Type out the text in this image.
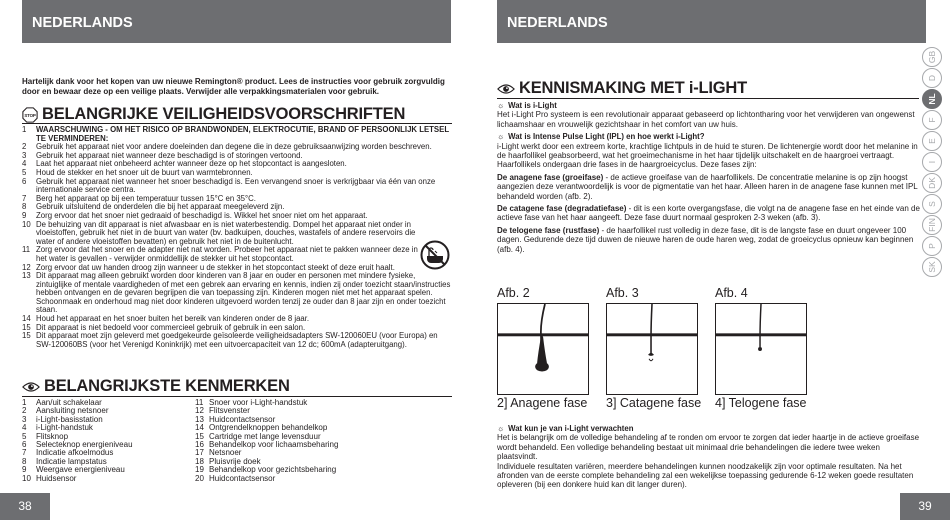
NEDERLANDS
Hartelijk dank voor het kopen van uw nieuwe Remington® product. Lees de instructies voor gebruik zorgvuldig door en bewaar deze op een veilige plaats. Verwijder alle verpakkingsmaterialen voor gebruik.
STOP BELANGRIJKE VEILIGHEIDSVOORSCHRIFTEN
1	WAARSCHUWING - OM HET RISICO OP BRANDWONDEN, ELEKTROCUTIE, BRAND OF PERSOONLIJK LETSEL TE VERMINDEREN:
2	Gebruik het apparaat niet voor andere doeleinden dan degene die in deze gebruiksaanwijzing worden beschreven.
3	Gebruik het apparaat niet wanneer deze beschadigd is of storingen vertoond.
4	Laat het apparaat niet onbeheerd achter wanneer deze op het stopcontact is aangesloten.
5	Houd de stekker en het snoer uit de buurt van warmtebronnen.
6	Gebruik het apparaat niet wanneer het snoer beschadigd is. Een vervangend snoer is verkrijgbaar via één van onze internationale service centra.
7	Berg het apparaat op bij een temperatuur tussen 15°C en 35°C.
8	Gebruik uitsluitend de onderdelen die bij het apparaat meegeleverd zijn.
9	Zorg ervoor dat het snoer niet gedraaid of beschadigd is. Wikkel het snoer niet om het apparaat.
10 De behuizing van dit apparaat is niet afwasbaar en is niet waterbestendig. Dompel het apparaat niet onder in vloeistoffen, gebruik het niet in de buurt van water (bv. badkuipen, douches, wastafels of andere reservoirs die water of andere vloeistoffen bevatten) en gebruik het niet in de buitenlucht.
11 Zorg ervoor dat het snoer en de adapter niet nat worden. Probeer het apparaat niet te pakken wanneer deze in het water is gevallen - verwijder onmiddellijk de stekker uit het stopcontact.
12 Zorg ervoor dat uw handen droog zijn wanneer u de stekker in het stopcontact steekt of deze eruit haalt.
13 Dit apparaat mag alleen gebruikt worden door kinderen van 8 jaar en ouder en personen met mindere fysieke, zintuiglijke of mentale vaardigheden of met een gebrek aan ervaring en kennis, indien zij onder toezicht staan/instructies hebben ontvangen en de gevaren begrijpen die van toepassing zijn. Kinderen mogen niet met het apparaat spelen. Schoonmaak en onderhoud mag niet door kinderen uitgevoerd worden tenzij ze ouder dan 8 jaar zijn en onder toezicht staan.
14 Houd het apparaat en het snoer buiten het bereik van kinderen onder de 8 jaar.
15 Dit apparaat is niet bedoeld voor commercieel gebruik of gebruik in een salon.
15 Dit apparaat moet zijn geleverd met goedgekeurde geïsoleerde veiligheidsadapters SW-120060EU (voor Europa) en SW-120060BS (voor het Verenigd Koninkrijk) met een uitvoercapaciteit van 12 dc; 600mA (adapteruitgang).
BELANGRIJKSTE KENMERKEN
1	Aan/uit schakelaar
2	Aansluiting netsnoer
3	i-Light-basisstation
4	i-Light-handstuk
5	Flitsknop
6	Selecteknop energieniveau
7	Indicatie afkoelmodus
8	Indicatie lampstatus
9	Weergave energieniveau
10 Huidsensor
11 Snoer voor i-Light-handstuk
12 Flitsvenster
13 Huidcontactsensor
14 Ontgrendelknoppen behandelkop
15 Cartridge met lange levensduur
16 Behandelkop voor lichaamsbeharing
17 Netsnoer
18 Pluisvrije doek
19 Behandelkop voor gezichtsbeharing
20 Huidcontactsensor
38
NEDERLANDS
KENNISMAKING MET i-LIGHT
☼ Wat is i-Light
Het i-Light Pro systeem is een revolutionair apparaat gebaseerd op lichtontharing voor het verwijderen van ongewenst lichaamshaar en vrouwelijk gezichtshaar in het comfort van uw huis.
☼ Wat is Intense Pulse Light (IPL) en hoe werkt i-Light?
i-Light werkt door een extreem korte, krachtige lichtpuls in de huid te sturen. De lichtenergie wordt door het melanine in de haarfollikel geabsorbeerd, wat het groeimechanisme in het haar tijdelijk uitschakelt en de haargroei vertraagt.
Haarfollikels ondergaan drie fases in de haargroeicyclus. Deze fases zijn:
De anagene fase (groeifase) - de actieve groeifase van de haarfollikels. De concentratie melanine is op zijn hoogst aangezien deze verantwoordelijk is voor de pigmentatie van het haar. Alleen haren in de anagene fase kunnen met IPL behandeld worden (afb. 2).
De catagene fase (degradatiefase) - dit is een korte overgangsfase, die volgt na de anagene fase en het einde van de actieve fase van het haar aangeeft. Deze fase duurt normaal gesproken 2-3 weken (afb. 3).
De telogene fase (rustfase) - de haarfollikel rust volledig in deze fase, dit is de langste fase en duurt ongeveer 100 dagen. Gedurende deze tijd duwen de nieuwe haren de oude haren weg, zodat de groeicyclus opnieuw kan beginnen (afb. 4).
Afb. 2	Afb. 3	Afb. 4
2] Anagene fase 3] Catagene fase 4] Telogene fase
☼ Wat kun je van i-Light verwachten
Het is belangrijk om de volledige behandeling af te ronden om ervoor te zorgen dat ieder haartje in de actieve groeifase wordt behandeld. Een volledige behandeling bestaat uit minimaal drie behandelingen die iedere twee weken plaatsvindt.
Individuele resultaten variëren, meerdere behandelingen kunnen noodzakelijk zijn voor optimale resultaten. Na het afronden van de eerste complete behandeling zal een wekelijkse toepassing gedurende 6-12 weken goede resultaten opleveren (bij een donkere huid kan dit langer duren).
GB
D
NL
F
E
I
DK
S
FIN
P
SK
39
